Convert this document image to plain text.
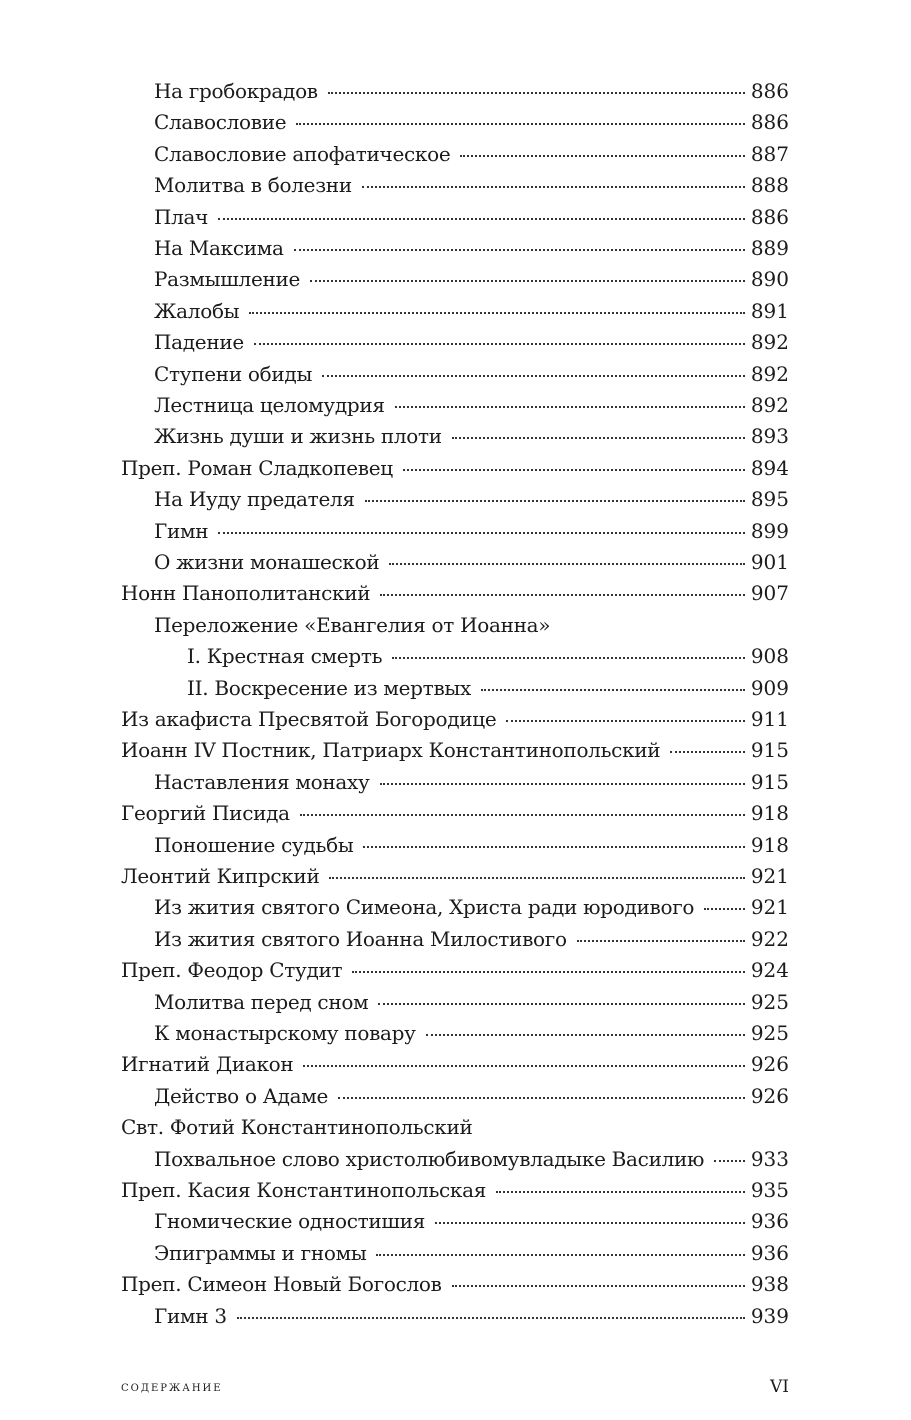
На гробокрадов	886
Славословие	886
Славословие апофатическое	887
Молитва в болезни	888
Плач	886
На Максима	889
Размышление	890
Жалобы	891
Падение	892
Ступени обиды	892
Лестница целомудрия	892
Жизнь души и жизнь плоти	893
Преп. Роман Сладкопевец	894
На Иуду предателя	895
Гимн	899
О жизни монашеской	901
Нонн Панополитанский	907
Переложение «Евангелия от Иоанна»
I. Крестная смерть	908
II. Воскресение из мертвых	909
Из акафиста Пресвятой Богородице	911
Иоанн IV Постник, Патриарх Константинопольский	915
Наставления монаху	915
Георгий Писида	918
Поношение судьбы	918
Леонтий Кипрский	921
Из жития святого Симеона, Христа ради юродивого	921
Из жития святого Иоанна Милостивого	922
Преп. Феодор Студит	924
Молитва перед сном	925
К монастырскому повару	925
Игнатий Диакон	926
Действо о Адаме	926
Свт. Фотий Константинопольский
Похвальное слово христолюбивомувладыке Василию 933
Преп. Касия Константинопольская	935
Гномические одностишия	936
Эпиграммы и гномы	936
Преп. Симеон Новый Богослов	938
Гимн 3	939
содержание	VI
